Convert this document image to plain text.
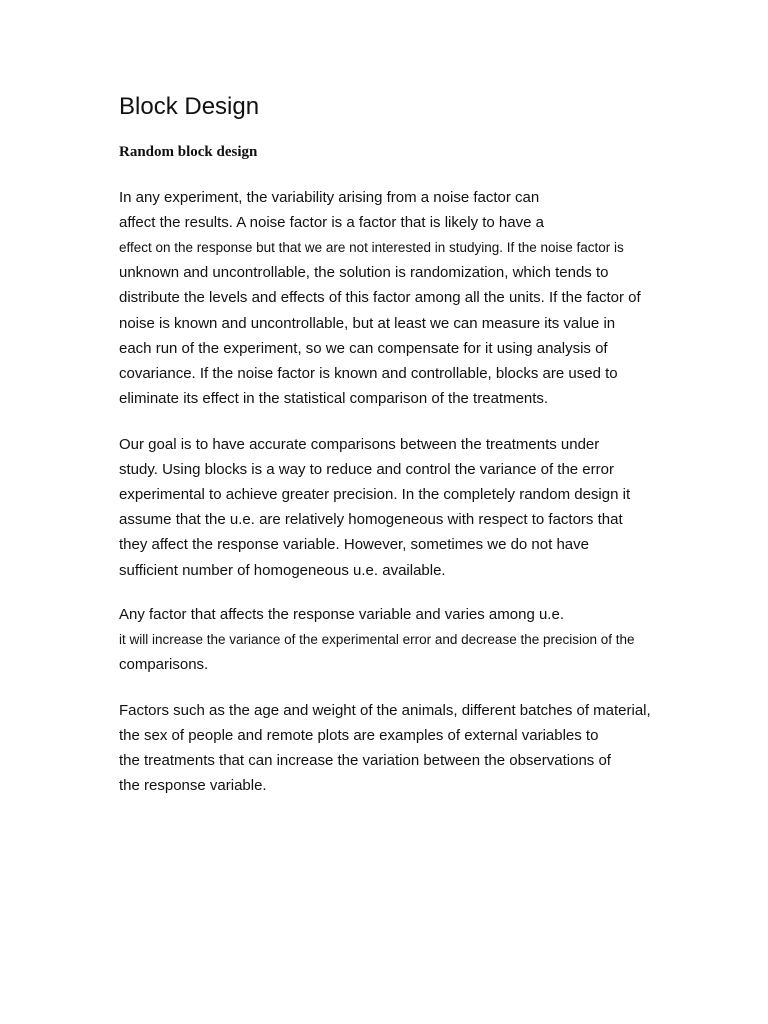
Block Design
Random block design
In any experiment, the variability arising from a noise factor can
affect the results. A noise factor is a factor that is likely to have a
effect on the response but that we are not interested in studying. If the noise factor is
unknown and uncontrollable, the solution is randomization, which tends to
distribute the levels and effects of this factor among all the units. If the factor of
noise is known and uncontrollable, but at least we can measure its value in
each run of the experiment, so we can compensate for it using analysis of
covariance. If the noise factor is known and controllable, blocks are used to
eliminate its effect in the statistical comparison of the treatments.
Our goal is to have accurate comparisons between the treatments under
study. Using blocks is a way to reduce and control the variance of the error
experimental to achieve greater precision. In the completely random design it
assume that the u.e. are relatively homogeneous with respect to factors that
they affect the response variable. However, sometimes we do not have
sufficient number of homogeneous u.e. available.
Any factor that affects the response variable and varies among u.e.
it will increase the variance of the experimental error and decrease the precision of the
comparisons.
Factors such as the age and weight of the animals, different batches of material,
the sex of people and remote plots are examples of external variables to
the treatments that can increase the variation between the observations of
the response variable.
